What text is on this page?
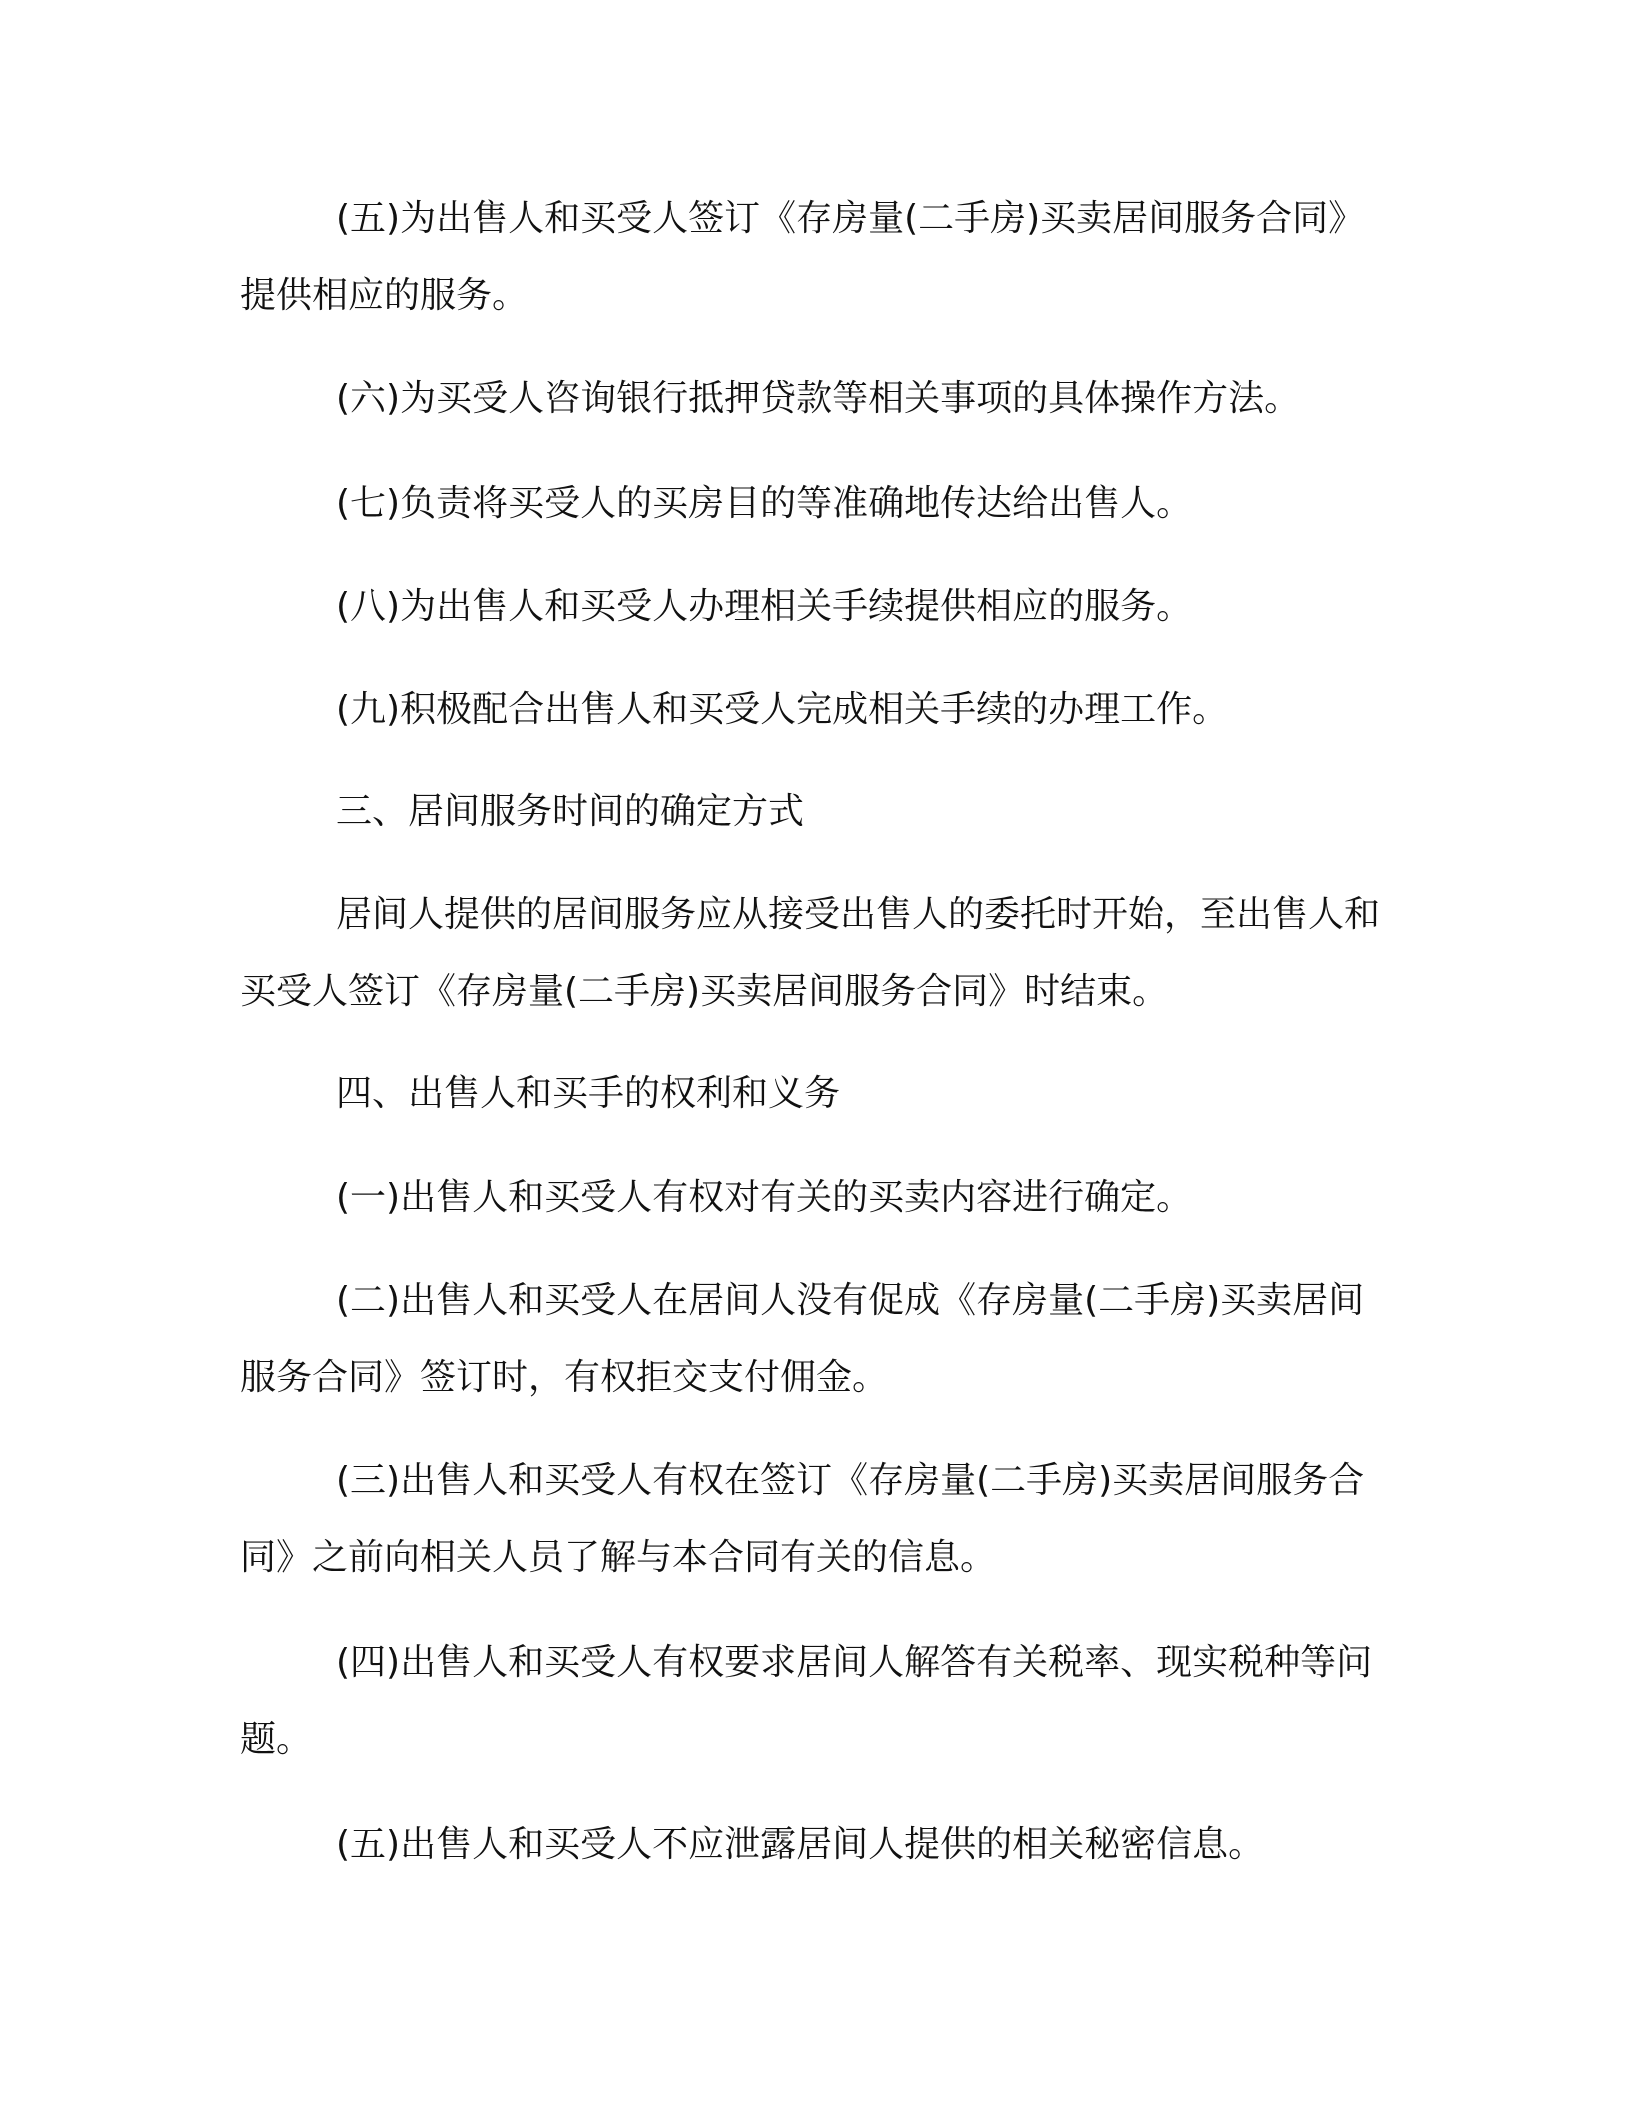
(五)为出售人和买受人签订《存房量(二手房)买卖居间服务合同》提供相应的服务。

(六)为买受人咨询银行抵押贷款等相关事项的具体操作方法。

(七)负责将买受人的买房目的等准确地传达给出售人。

(八)为出售人和买受人办理相关手续提供相应的服务。

(九)积极配合出售人和买受人完成相关手续的办理工作。

三、居间服务时间的确定方式

居间人提供的居间服务应从接受出售人的委托时开始，至出售人和买受人签订《存房量(二手房)买卖居间服务合同》时结束。

四、出售人和买手的权利和义务

(一)出售人和买受人有权对有关的买卖内容进行确定。

(二)出售人和买受人在居间人没有促成《存房量(二手房)买卖居间服务合同》签订时，有权拒交支付佣金。

(三)出售人和买受人有权在签订《存房量(二手房)买卖居间服务合同》之前向相关人员了解与本合同有关的信息。

(四)出售人和买受人有权要求居间人解答有关税率、现实税种等问题。

(五)出售人和买受人不应泄露居间人提供的相关秘密信息。
